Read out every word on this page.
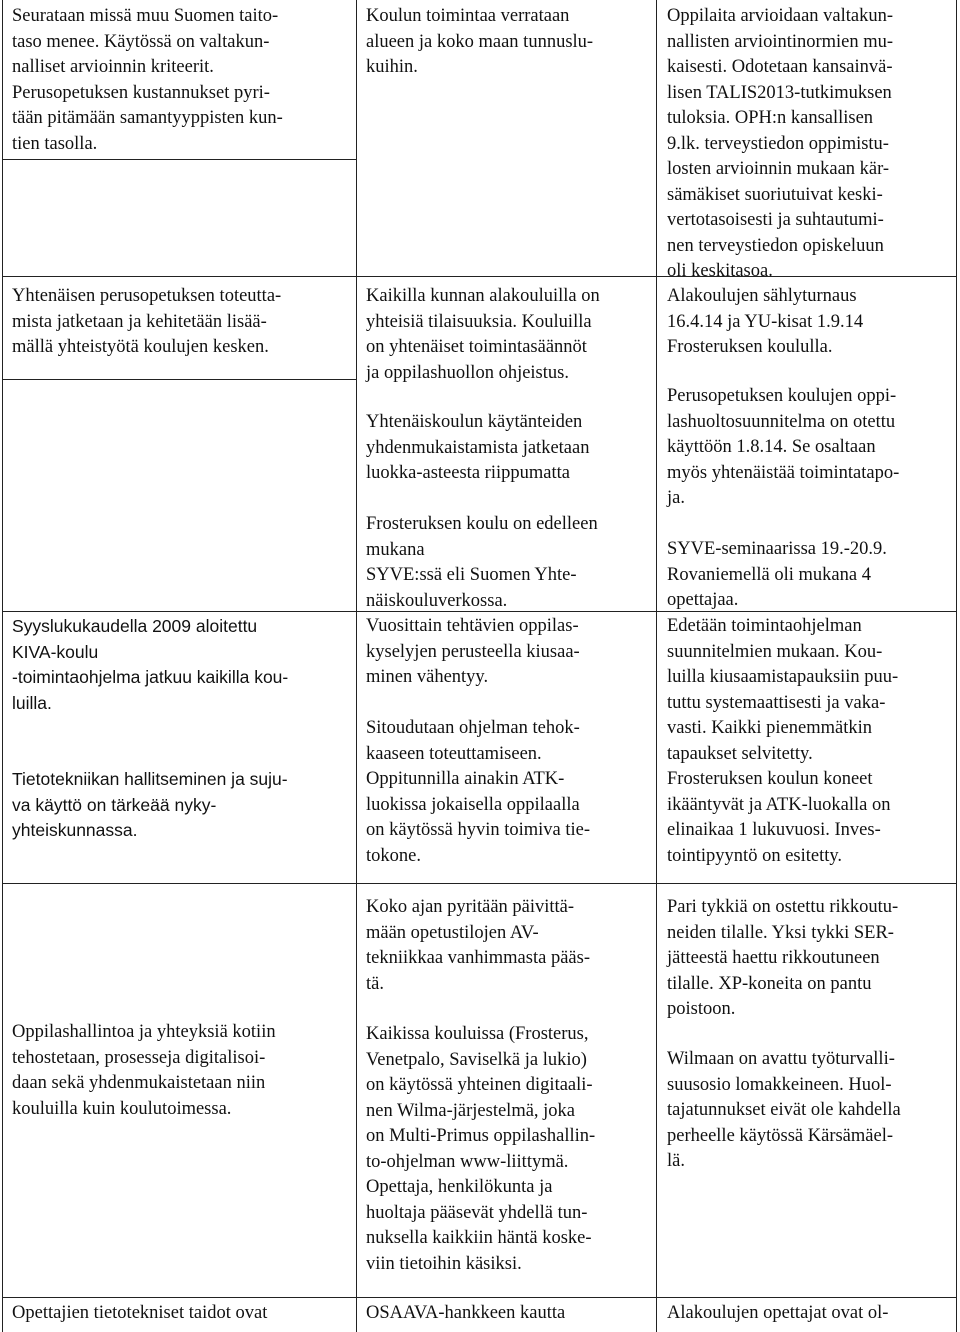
Seurataan missä muu Suomen taito-
taso menee. Käytössä on valtakun-
nalliset arvioinnin kriteerit.
Perusopetuksen kustannukset pyri-
tään pitämään samantyyppisten kun-
tien tasolla.

Yhtenäisen perusopetuksen toteutta-
mista jatketaan ja kehitetään lisää-
mällä yhteistyötä koulujen kesken.

Syyslukukaudella 2009 aloitettu
KIVA-koulu
-toimintaohjelma jatkuu kaikilla kou-
luilla.

Tietotekniikan hallitseminen ja suju-
va käyttö on tärkeää nyky-
yhteiskunnassa.

Oppilashallintoa ja yhteyksiä kotiin
tehostetaan, prosesseja digitalisoi-
daan sekä yhdenmukaistetaan niin
kouluilla kuin koulutoimessa.

Opettajien tietotekniset taidot ovat

Koulun toimintaa verrataan
alueen ja koko maan tunnuslu-
kuihin.

Kaikilla kunnan alakouluilla on
yhteisiä tilaisuuksia. Kouluilla
on yhtenäiset toimintasäännöt
ja oppilashuollon ohjeistus.

Yhtenäiskoulun käytänteiden
yhdenmukaistamista jatketaan
luokka-asteesta riippumatta

Frosteruksen koulu on edelleen
mukana
SYVE:ssä eli Suomen Yhte-
näiskouluverkossa.

Vuosittain tehtävien oppilas-
kyselyjen perusteella kiusaa-
minen vähentyy.

Sitoudutaan ohjelman tehok-
kaaseen toteuttamiseen.

Oppitunnilla ainakin ATK-
luokissa jokaisella oppilaalla
on käytössä hyvin toimiva tie-
tokone.

Koko ajan pyritään päivittä-
mään opetustilojen AV-
tekniikkaa vanhimmasta pääs-
tä.

Kaikissa kouluissa (Frosterus,
Venetpalo, Saviselkä ja lukio)
on käytössä yhteinen digitaali-
nen Wilma-järjestelmä, joka
on Multi-Primus oppilashallin-
to-ohjelman www-liittymä.
Opettaja, henkilökunta ja
huoltaja pääsevät yhdellä tun-
nuksella kaikkiin häntä koske-
viin tietoihin käsiksi.

OSAAVA-hankkeen kautta

Oppilaita arvioidaan valtakun-
nallisten arviointinormien mu-
kaisesti. Odotetaan kansainvä-
lisen TALIS2013-tutkimuksen
tuloksia. OPH:n kansallisen
9.lk. terveystiedon oppimistu-
losten arvioinnin mukaan kär-
sämäkiset suoriutuivat keski-
vertotasoisesti ja suhtautumi-
nen terveystiedon opiskeluun
oli keskitasoa.

Alakoulujen sählyturnaus
16.4.14 ja YU-kisat 1.9.14
Frosteruksen koululla.

Perusopetuksen koulujen oppi-
lashuoltosuunnitelma on otettu
käyttöön 1.8.14. Se osaltaan
myös yhtenäistää toimintatapo-
ja.

SYVE-seminaarissa 19.-20.9.
Rovaniemellä oli mukana 4
opettajaa.

Edetään toimintaohjelman
suunnitelmien mukaan. Kou-
luilla kiusaamistapauksiin puu-
tuttu systemaattisesti ja vaka-
vasti. Kaikki pienemmätkin
tapaukset selvitetty.

Frosteruksen koulun koneet
ikääntyvät ja ATK-luokalla on
elinaikaa 1 lukuvuosi. Inves-
tointipyyntö on esitetty.

Pari tykkiä on ostettu rikkoutu-
neiden tilalle. Yksi tykki SER-
jätteestä haettu rikkoutuneen
tilalle. XP-koneita on pantu
poistoon.

Wilmaan on avattu työturvalli-
suusosio lomakkeineen. Huol-
tajatunnukset eivät ole kahdella
perheelle käytössä Kärsämäel-
lä.

Alakoulujen opettajat ovat ol-
